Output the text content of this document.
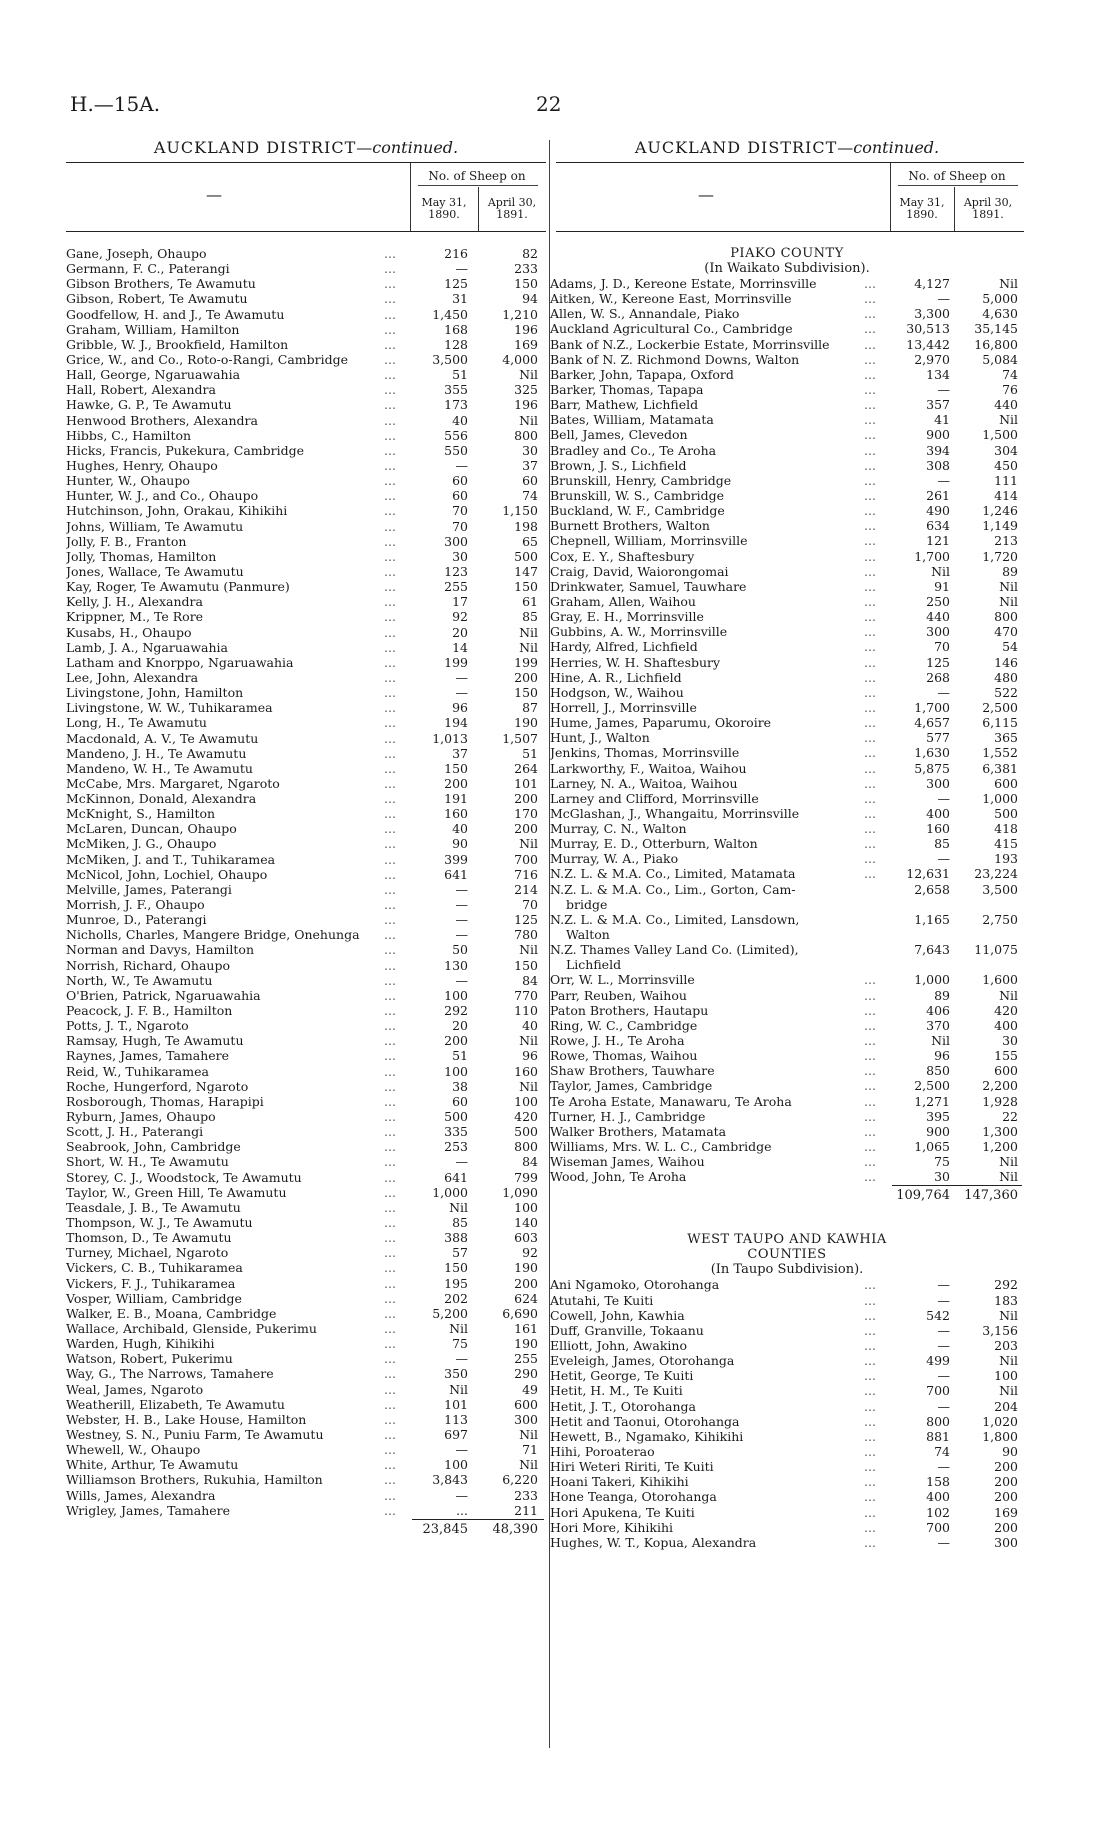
H.—15A.	22
AUCKLAND DISTRICT—continued.
—
No. of Sheep on
May 31, 1890.
April 30, 1891.
Gane, Joseph, Ohaupo	...	216	82
Germann, F. C., Paterangi	...	—	233
Gibson Brothers, Te Awamutu	...	125	150
Gibson, Robert, Te Awamutu	...	31	94
Goodfellow, H. and J., Te Awamutu	...	1,450	1,210
Graham, William, Hamilton	...	168	196
Gribble, W. J., Brookfield, Hamilton	...	128	169
Grice, W., and Co., Roto-o-Rangi, Cambridge	...	3,500	4,000
Hall, George, Ngaruawahia	...	51	Nil
Hall, Robert, Alexandra	...	355	325
Hawke, G. P., Te Awamutu	...	173	196
Henwood Brothers, Alexandra	...	40	Nil
Hibbs, C., Hamilton	...	556	800
Hicks, Francis, Pukekura, Cambridge	...	550	30
Hughes, Henry, Ohaupo	...	—	37
Hunter, W., Ohaupo	...	60	60
Hunter, W. J., and Co., Ohaupo	...	60	74
Hutchinson, John, Orakau, Kihikihi	...	70	1,150
Johns, William, Te Awamutu	...	70	198
Jolly, F. B., Franton	...	300	65
Jolly, Thomas, Hamilton	...	30	500
Jones, Wallace, Te Awamutu	...	123	147
Kay, Roger, Te Awamutu (Panmure)	...	255	150
Kelly, J. H., Alexandra	...	17	61
Krippner, M., Te Rore	...	92	85
Kusabs, H., Ohaupo	...	20	Nil
Lamb, J. A., Ngaruawahia	...	14	Nil
Latham and Knorppo, Ngaruawahia	...	199	199
Lee, John, Alexandra	...	—	200
Livingstone, John, Hamilton	...	—	150
Livingstone, W. W., Tuhikaramea	...	96	87
Long, H., Te Awamutu	...	194	190
Macdonald, A. V., Te Awamutu	...	1,013	1,507
Mandeno, J. H., Te Awamutu	...	37	51
Mandeno, W. H., Te Awamutu	...	150	264
McCabe, Mrs. Margaret, Ngaroto	...	200	101
McKinnon, Donald, Alexandra	...	191	200
McKnight, S., Hamilton	...	160	170
McLaren, Duncan, Ohaupo	...	40	200
McMiken, J. G., Ohaupo	...	90	Nil
McMiken, J. and T., Tuhikaramea	...	399	700
McNicol, John, Lochiel, Ohaupo	...	641	716
Melville, James, Paterangi	...	—	214
Morrish, J. F., Ohaupo	...	—	70
Munroe, D., Paterangi	...	—	125
Nicholls, Charles, Mangere Bridge, Onehunga	...	—	780
Norman and Davys, Hamilton	...	50	Nil
Norrish, Richard, Ohaupo	...	130	150
North, W., Te Awamutu	...	—	84
O'Brien, Patrick, Ngaruawahia	...	100	770
Peacock, J. F. B., Hamilton	...	292	110
Potts, J. T., Ngaroto	...	20	40
Ramsay, Hugh, Te Awamutu	...	200	Nil
Raynes, James, Tamahere	...	51	96
Reid, W., Tuhikaramea	...	100	160
Roche, Hungerford, Ngaroto	...	38	Nil
Rosborough, Thomas, Harapipi	...	60	100
Ryburn, James, Ohaupo	...	500	420
Scott, J. H., Paterangi	...	335	500
Seabrook, John, Cambridge	...	253	800
Short, W. H., Te Awamutu	...	—	84
Storey, C. J., Woodstock, Te Awamutu	...	641	799
Taylor, W., Green Hill, Te Awamutu	...	1,000	1,090
Teasdale, J. B., Te Awamutu	...	Nil	100
Thompson, W. J., Te Awamutu	...	85	140
Thomson, D., Te Awamutu	...	388	603
Turney, Michael, Ngaroto	...	57	92
Vickers, C. B., Tuhikaramea	...	150	190
Vickers, F. J., Tuhikaramea	...	195	200
Vosper, William, Cambridge	...	202	624
Walker, E. B., Moana, Cambridge	...	5,200	6,690
Wallace, Archibald, Glenside, Pukerimu	...	Nil	161
Warden, Hugh, Kihikihi	...	75	190
Watson, Robert, Pukerimu	...	—	255
Way, G., The Narrows, Tamahere	...	350	290
Weal, James, Ngaroto	...	Nil	49
Weatherill, Elizabeth, Te Awamutu	...	101	600
Webster, H. B., Lake House, Hamilton	...	113	300
Westney, S. N., Puniu Farm, Te Awamutu	...	697	Nil
Whewell, W., Ohaupo	...	—	71
White, Arthur, Te Awamutu	...	100	Nil
Williamson Brothers, Rukuhia, Hamilton	...	3,843	6,220
Wills, James, Alexandra	...	—	233
Wrigley, James, Tamahere	...	...	211
23,845	48,390
AUCKLAND DISTRICT—continued.
—
No. of Sheep on
May 31, 1890.
April 30, 1891.
PIAKO COUNTY
(In Waikato Subdivision).
Adams, J. D., Kereone Estate, Morrinsville	...	4,127	Nil
Aitken, W., Kereone East, Morrinsville	...	—	5,000
Allen, W. S., Annandale, Piako	...	3,300	4,630
Auckland Agricultural Co., Cambridge	...	30,513	35,145
Bank of N.Z., Lockerbie Estate, Morrinsville	...	13,442	16,800
Bank of N. Z. Richmond Downs, Walton	...	2,970	5,084
Barker, John, Tapapa, Oxford	...	134	74
Barker, Thomas, Tapapa	...	—	76
Barr, Mathew, Lichfield	...	357	440
Bates, William, Matamata	...	41	Nil
Bell, James, Clevedon	...	900	1,500
Bradley and Co., Te Aroha	...	394	304
Brown, J. S., Lichfield	...	308	450
Brunskill, Henry, Cambridge	...	—	111
Brunskill, W. S., Cambridge	...	261	414
Buckland, W. F., Cambridge	...	490	1,246
Burnett Brothers, Walton	...	634	1,149
Chepnell, William, Morrinsville	...	121	213
Cox, E. Y., Shaftesbury	...	1,700	1,720
Craig, David, Waiorongomai	...	Nil	89
Drinkwater, Samuel, Tauwhare	...	91	Nil
Graham, Allen, Waihou	...	250	Nil
Gray, E. H., Morrinsville	...	440	800
Gubbins, A. W., Morrinsville	...	300	470
Hardy, Alfred, Lichfield	...	70	54
Herries, W. H. Shaftesbury	...	125	146
Hine, A. R., Lichfield	...	268	480
Hodgson, W., Waihou	...	—	522
Horrell, J., Morrinsville	...	1,700	2,500
Hume, James, Paparumu, Okoroire	...	4,657	6,115
Hunt, J., Walton	...	577	365
Jenkins, Thomas, Morrinsville	...	1,630	1,552
Larkworthy, F., Waitoa, Waihou	...	5,875	6,381
Larney, N. A., Waitoa, Waihou	...	300	600
Larney and Clifford, Morrinsville	...	—	1,000
McGlashan, J., Whangaitu, Morrinsville	...	400	500
Murray, C. N., Walton	...	160	418
Murray, E. D., Otterburn, Walton	...	85	415
Murray, W. A., Piako	...	—	193
N.Z. L. & M.A. Co., Limited, Matamata	...	12,631	23,224
N.Z. L. & M.A. Co., Lim., Gorton, Cam-	2,658	3,500
bridge
N.Z. L. & M.A. Co., Limited, Lansdown,	1,165	2,750
Walton
N.Z. Thames Valley Land Co. (Limited),	7,643	11,075
Lichfield
Orr, W. L., Morrinsville	...	1,000	1,600
Parr, Reuben, Waihou	...	89	Nil
Paton Brothers, Hautapu	...	406	420
Ring, W. C., Cambridge	...	370	400
Rowe, J. H., Te Aroha	...	Nil	30
Rowe, Thomas, Waihou	...	96	155
Shaw Brothers, Tauwhare	...	850	600
Taylor, James, Cambridge	...	2,500	2,200
Te Aroha Estate, Manawaru, Te Aroha	...	1,271	1,928
Turner, H. J., Cambridge	...	395	22
Walker Brothers, Matamata	...	900	1,300
Williams, Mrs. W. L. C., Cambridge	...	1,065	1,200
Wiseman James, Waihou	...	75	Nil
Wood, John, Te Aroha	...	30	Nil
109,764	147,360
WEST TAUPO AND KAWHIA
COUNTIES
(In Taupo Subdivision).
Ani Ngamoko, Otorohanga	...	—	292
Atutahi, Te Kuiti	...	—	183
Cowell, John, Kawhia	...	542	Nil
Duff, Granville, Tokaanu	...	—	3,156
Elliott, John, Awakino	...	—	203
Eveleigh, James, Otorohanga	...	499	Nil
Hetit, George, Te Kuiti	...	—	100
Hetit, H. M., Te Kuiti	...	700	Nil
Hetit, J. T., Otorohanga	...	—	204
Hetit and Taonui, Otorohanga	...	800	1,020
Hewett, B., Ngamako, Kihikihi	...	881	1,800
Hihi, Poroaterao	...	74	90
Hiri Weteri Ririti, Te Kuiti	...	—	200
Hoani Takeri, Kihikihi	...	158	200
Hone Teanga, Otorohanga	...	400	200
Hori Apukena, Te Kuiti	...	102	169
Hori More, Kihikihi	...	700	200
Hughes, W. T., Kopua, Alexandra	...	—	300
